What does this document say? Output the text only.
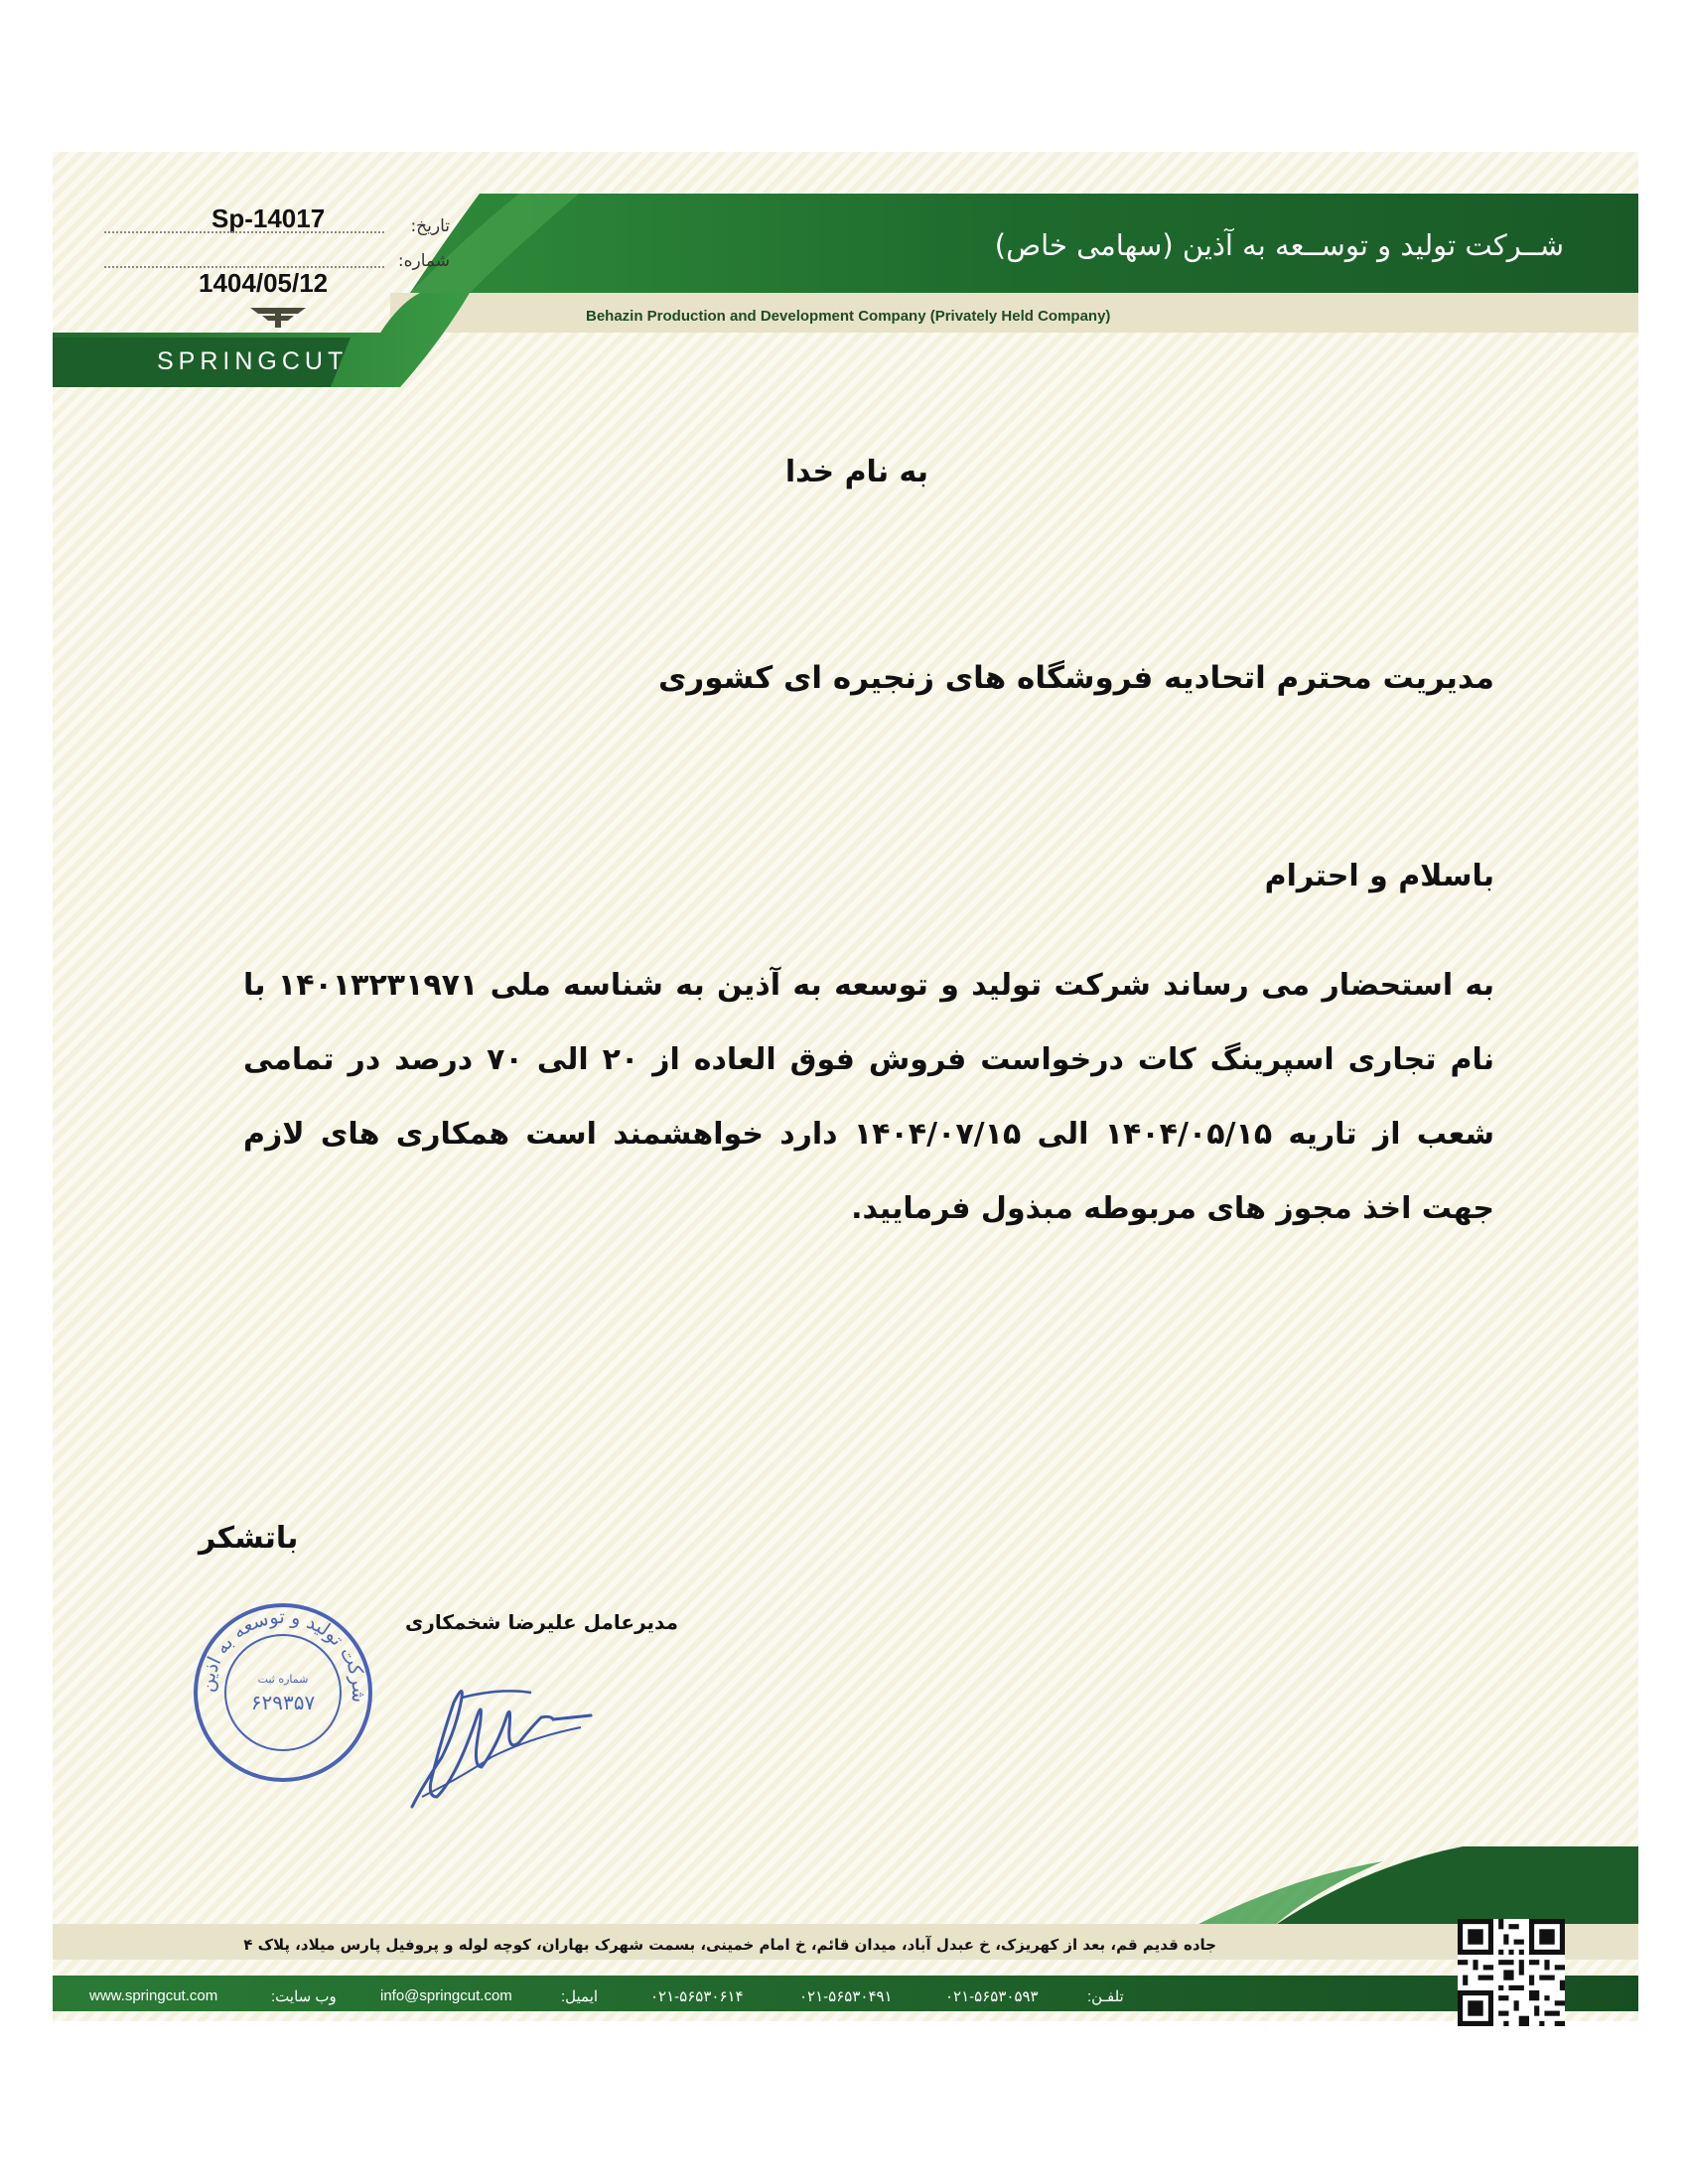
شــرکت تولید و توســعه به آذین (سهامی خاص)
Behazin Production and Development Company (Privately Held Company)
SPRINGCUT
Sp-14017	تاریخ:
شماره:
1404/05/12
به نام خدا
مدیریت محترم اتحادیه فروشگاه های زنجیره ای کشوری
باسلام و احترام
به استحضار می رساند شرکت تولید و توسعه به آذین به شناسه ملی ۱۴۰۱۳۲۳۱۹۷۱ با نام تجاری اسپرینگ کات درخواست فروش فوق العاده از ۲۰ الی ۷۰ درصد در تمامی شعب از تاریه ۱۴۰۴/۰۵/۱۵ الی ۱۴۰۴/۰۷/۱۵ دارد خواهشمند است همکاری های لازم جهت اخذ مجوز های مربوطه مبذول فرمایید.
باتشکر
مدیرعامل علیرضا شخمکاری
شرکت تولید و توسعه به آذین
شماره ثبت
۶۲۹۳۵۷
جاده قدیم قم، بعد از کهریزک، خ عبدل آباد، میدان قائم، خ امام خمینی، بسمت شهرک بهاران، کوچه لوله و پروفیل پارس میلاد، پلاک ۴
www.springcut.com	وب سایت:	info@springcut.com	ایمیل:	۰۲۱-۵۶۵۳۰۶۱۴	۰۲۱-۵۶۵۳۰۴۹۱	۰۲۱-۵۶۵۳۰۵۹۳	تلفـن:
